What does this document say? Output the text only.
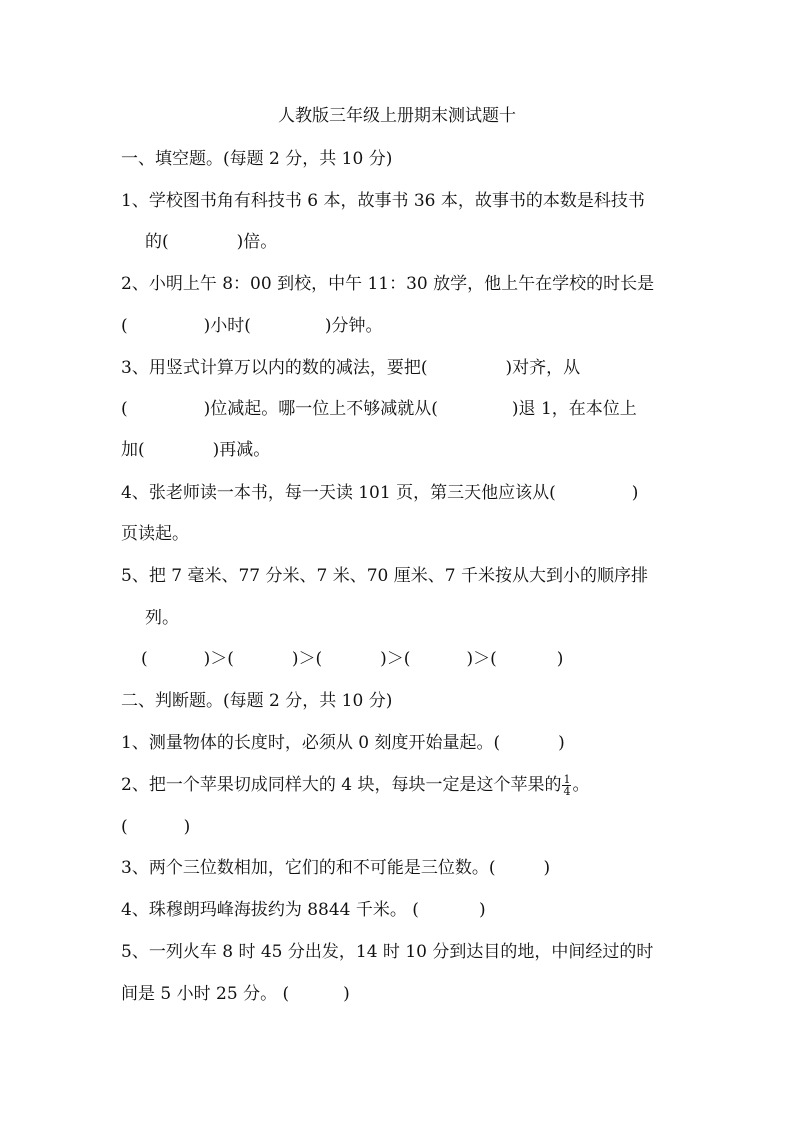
人教版三年级上册期末测试题十
一、填空题。(每题 2 分，共 10 分)
1、学校图书角有科技书 6 本，故事书 36 本，故事书的本数是科技书
的(	)倍。
2、小明上午 8：00 到校，中午 11：30 放学，他上午在学校的时长是
(	)小时(	)分钟。
3、用竖式计算万以内的数的减法，要把(	)对齐，从
(	)位减起。哪一位上不够减就从(	)退 1，在本位上
加(	)再减。
4、张老师读一本书，每一天读 101 页，第三天他应该从(	)
页读起。
5、把 7 毫米、77 分米、7 米、70 厘米、7 千米按从大到小的顺序排
列。
(	)＞(	)＞(	)＞(	)＞(	)
二、判断题。(每题 2 分，共 10 分)
1、测量物体的长度时，必须从 0 刻度开始量起。(	)
2、把一个苹果切成同样大的 4 块，每块一定是这个苹果的 $\frac{1}{4}$ 。
(	)
3、两个三位数相加，它们的和不可能是三位数。(	)
4、珠穆朗玛峰海拔约为 8844 千米。 (	)
5、一列火车 8 时 45 分出发，14 时 10 分到达目的地，中间经过的时
间是 5 小时 25 分。 (	)
